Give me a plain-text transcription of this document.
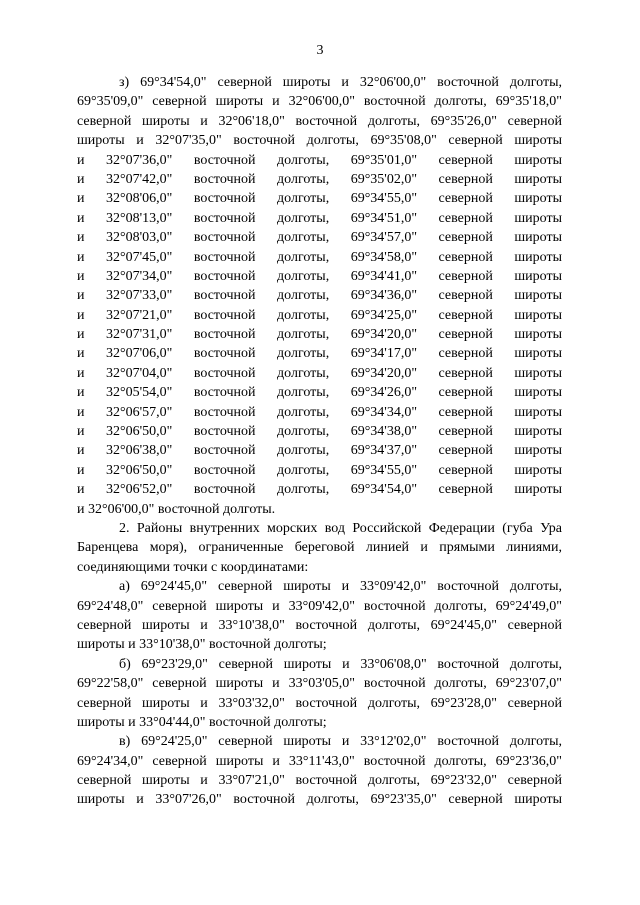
3
з) 69°34'54,0" северной широты и 32°06'00,0" восточной долготы,
69°35'09,0" северной широты и 32°06'00,0" восточной долготы, 69°35'18,0"
северной широты и 32°06'18,0" восточной долготы, 69°35'26,0" северной
широты и 32°07'35,0" восточной долготы, 69°35'08,0" северной широты
и 32°07'36,0" восточной долготы, 69°35'01,0" северной широты
и 32°07'42,0" восточной долготы, 69°35'02,0" северной широты
и 32°08'06,0" восточной долготы, 69°34'55,0" северной широты
и 32°08'13,0" восточной долготы, 69°34'51,0" северной широты
и 32°08'03,0" восточной долготы, 69°34'57,0" северной широты
и 32°07'45,0" восточной долготы, 69°34'58,0" северной широты
и 32°07'34,0" восточной долготы, 69°34'41,0" северной широты
и 32°07'33,0" восточной долготы, 69°34'36,0" северной широты
и 32°07'21,0" восточной долготы, 69°34'25,0" северной широты
и 32°07'31,0" восточной долготы, 69°34'20,0" северной широты
и 32°07'06,0" восточной долготы, 69°34'17,0" северной широты
и 32°07'04,0" восточной долготы, 69°34'20,0" северной широты
и 32°05'54,0" восточной долготы, 69°34'26,0" северной широты
и 32°06'57,0" восточной долготы, 69°34'34,0" северной широты
и 32°06'50,0" восточной долготы, 69°34'38,0" северной широты
и 32°06'38,0" восточной долготы, 69°34'37,0" северной широты
и 32°06'50,0" восточной долготы, 69°34'55,0" северной широты
и 32°06'52,0" восточной долготы, 69°34'54,0" северной широты
и 32°06'00,0" восточной долготы.
2. Районы внутренних морских вод Российской Федерации (губа Ура
Баренцева моря), ограниченные береговой линией и прямыми линиями,
соединяющими точки с координатами:
а) 69°24'45,0" северной широты и 33°09'42,0" восточной долготы,
69°24'48,0" северной широты и 33°09'42,0" восточной долготы, 69°24'49,0"
северной широты и 33°10'38,0" восточной долготы, 69°24'45,0" северной
широты и 33°10'38,0" восточной долготы;
б) 69°23'29,0" северной широты и 33°06'08,0" восточной долготы,
69°22'58,0" северной широты и 33°03'05,0" восточной долготы, 69°23'07,0"
северной широты и 33°03'32,0" восточной долготы, 69°23'28,0" северной
широты и 33°04'44,0" восточной долготы;
в) 69°24'25,0" северной широты и 33°12'02,0" восточной долготы,
69°24'34,0" северной широты и 33°11'43,0" восточной долготы, 69°23'36,0"
северной широты и 33°07'21,0" восточной долготы, 69°23'32,0" северной
широты и 33°07'26,0" восточной долготы, 69°23'35,0" северной широты
